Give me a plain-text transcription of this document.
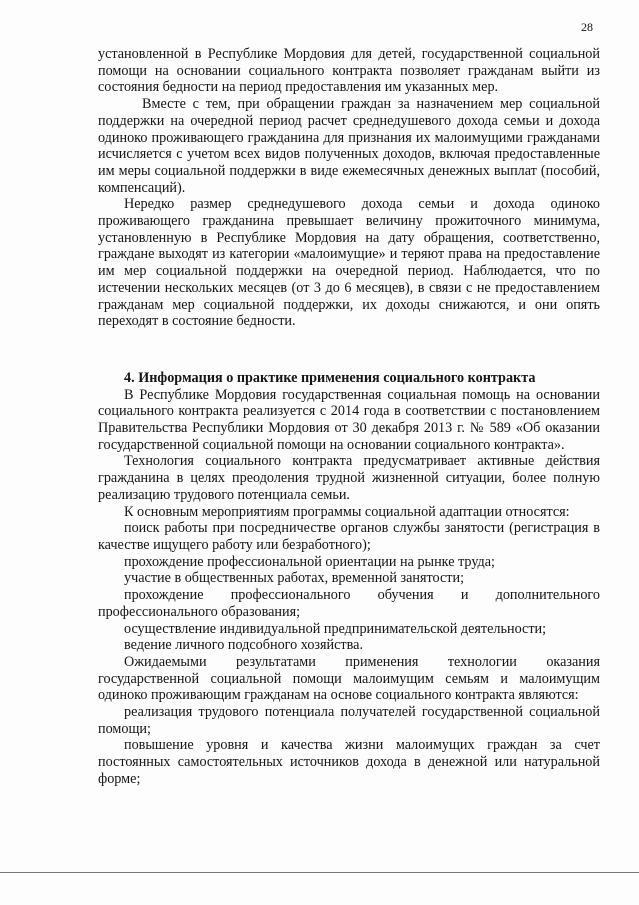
28

установленной в Республике Мордовия для детей, государственной социальной помощи на основании социального контракта позволяет гражданам выйти из состояния бедности на период предоставления им указанных мер.

Вместе с тем, при обращении граждан за назначением мер социальной поддержки на очередной период расчет среднедушевого дохода семьи и дохода одиноко проживающего гражданина для признания их малоимущими гражданами исчисляется с учетом всех видов полученных доходов, включая предоставленные им меры социальной поддержки в виде ежемесячных денежных выплат (пособий, компенсаций).

Нередко размер среднедушевого дохода семьи и дохода одиноко проживающего гражданина превышает величину прожиточного минимума, установленную в Республике Мордовия на дату обращения, соответственно, граждане выходят из категории «малоимущие» и теряют права на предоставление им мер социальной поддержки на очередной период. Наблюдается, что по истечении нескольких месяцев (от 3 до 6 месяцев), в связи с не предоставлением гражданам мер социальной поддержки, их доходы снижаются, и они опять переходят в состояние бедности.

4. Информация о практике применения социального контракта

В Республике Мордовия государственная социальная помощь на основании социального контракта реализуется с 2014 года в соответствии с постановлением Правительства Республики Мордовия от 30 декабря 2013 г. № 589 «Об оказании государственной социальной помощи на основании социального контракта».

Технология социального контракта предусматривает активные действия гражданина в целях преодоления трудной жизненной ситуации, более полную реализацию трудового потенциала семьи.

К основным мероприятиям программы социальной адаптации относятся:

поиск работы при посредничестве органов службы занятости (регистрация в качестве ищущего работу или безработного);

прохождение профессиональной ориентации на рынке труда;

участие в общественных работах, временной занятости;

прохождение профессионального обучения и дополнительного профессионального образования;

осуществление индивидуальной предпринимательской деятельности;

ведение личного подсобного хозяйства.

Ожидаемыми результатами применения технологии оказания государственной социальной помощи малоимущим семьям и малоимущим одиноко проживающим гражданам на основе социального контракта являются:

реализация трудового потенциала получателей государственной социальной помощи;

повышение уровня и качества жизни малоимущих граждан за счет постоянных самостоятельных источников дохода в денежной или натуральной форме;
